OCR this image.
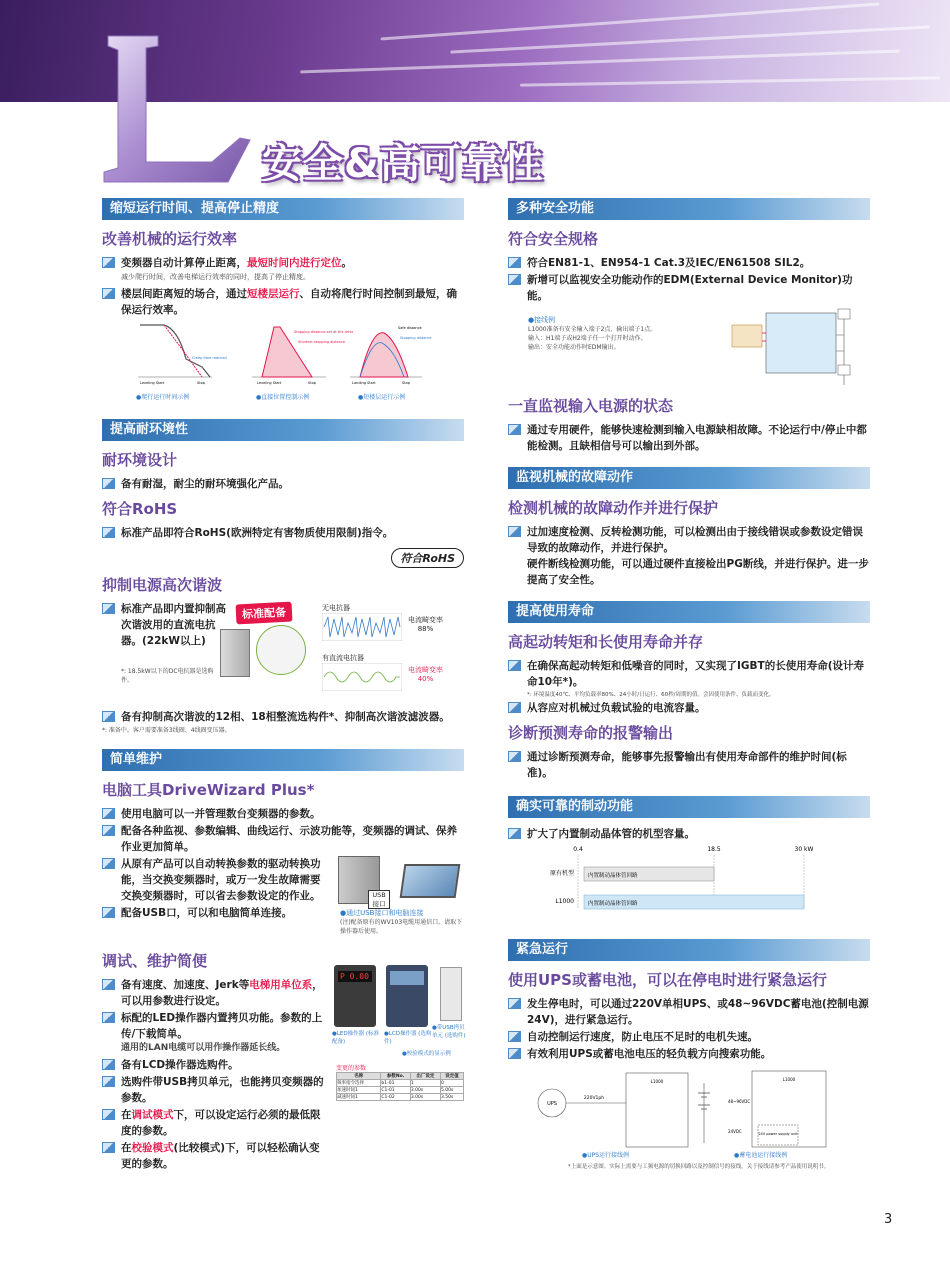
安全&高可靠性
缩短运行时间、提高停止精度
改善机械的运行效率
变频器自动计算停止距离，最短时间内进行定位。
减少爬行时间，改善电梯运行效率的同时，提高了停止精度。
楼层间距离短的场合，通过短楼层运行、自动将爬行时间控制到最短，确保运行效率。
Leveling Start	Stop
Creep time reduced
●爬行运行时间示例
Leveling Start	Stop
Stopping distance set at the drive
Shortest stopping distance
●直接位置控制示例
Landing Start	Stop
Stopping distance
Safe distance
●短楼层运行示例
提高耐环境性
耐环境设计
备有耐湿，耐尘的耐环境强化产品。
符合RoHS
标准产品即符合RoHS(欧洲特定有害物质使用限制)指令。
符合RoHS
抑制电源高次谐波
标准产品即内置抑制高次谐波用的直流电抗器。(22kW以上)
*: 18.5kW以下的DC电抗器是选购件。
标准配备	无电抗器
电流畸变率
88%
有直流电抗器
电流畸变率
40%
备有抑制高次谐波的12相、18相整流选构件*、抑制高次谐波滤波器。
*: 准备中。客户需要准备3线圈、4线圈变压器。
简单维护
电脑工具DriveWizard Plus*
使用电脑可以一并管理数台变频器的参数。
配备各种监视、参数编辑、曲线运行、示波功能等，变频器的调试、保养作业更加简单。
从原有产品可以自动转换参数的驱动转换功能，当交换变频器时，或万一发生故障需要交换变频器时，可以省去参数设定的作业。
配备USB口，可以和电脑简单连接。
USB 接口
●通过USB接口和电脑连接
(注)配备原有的WV103电缆用通信口。请取下操作器后使用。
调试、维护简便
备有速度、加速度、Jerk等电梯用单位系，可以用参数进行设定。
标配的LED操作器内置拷贝功能。参数的上传/下载简单。
通用的LAN电缆可以用作操作器延长线。
备有LCD操作器选购件。
选购件带USB拷贝单元，也能拷贝变频器的参数。
在调试模式下，可以设定运行必须的最低限度的参数。
在校验模式(比较模式)下，可以轻松确认变更的参数。
P 0.00
●LED操作器 (标准配备)
●LCD操作器 (选购件)
●带USB拷贝单元 (选购件)
●校验模式的显示例
变更的参数
名称	参数No.	出厂设定	设定值
频率指令选择	b1-01	1	0
加速时间1	C1-01	3.00s	5.00s
减速时间1	C1-02	3.00s	3.50s
多种安全功能
符合安全规格
符合EN81-1、EN954-1 Cat.3及IEC/EN61508 SIL2。
新增可以监视安全功能动作的EDM(External Device Monitor)功能。
●接线例
L1000准备有安全输入端子2点、输出端子1点。
输入：H1端子或H2端子任一个打开时动作。
输出：安全功能动作时EDM输出。
一直监视输入电源的状态
通过专用硬件，能够快速检测到输入电源缺相故障。不论运行中/停止中都能检测。且缺相信号可以输出到外部。
监视机械的故障动作
检测机械的故障动作并进行保护
过加速度检测、反转检测功能，可以检测出由于接线错误或参数设定错误导致的故障动作，并进行保护。
硬件断线检测功能，可以通过硬件直接检出PG断线，并进行保护。进一步提高了安全性。
提高使用寿命
高起动转矩和长使用寿命并存
在确保高起动转矩和低噪音的同时，又实现了IGBT的长使用寿命(设计寿命10年*)。
*: 环境温度40℃、平均负载率80%、24小时/日运行、60秒/周期的值。会因使用条件、负载而变化。
从容应对机械过负载试验的电流容量。
诊断预测寿命的报警输出
通过诊断预测寿命，能够事先报警输出有使用寿命部件的维护时间(标准)。
确实可靠的制动功能
扩大了内置制动晶体管的机型容量。
0.4	18.5	30 kW
原有机型	内置制动晶体管回路
L1000	内置制动晶体管回路
紧急运行
使用UPS或蓄电池，可以在停电时进行紧急运行
发生停电时，可以通过220V单相UPS、或48~96VDC蓄电池(控制电源24V)，进行紧急运行。
自动控制运行速度，防止电压不足时的电机失速。
有效利用UPS或蓄电池电压的轻负载方向搜索功能。
UPS
220V1ph
L1000	L1000
48~96VDC
24VDC	24V power supply unit
●UPS运行接线例	●蓄电池运行接线例
*上面是示意图。实际上需要与工频电源的切换回路以及控制信号的接线。关于接线请参考产品使用说明书。
3
